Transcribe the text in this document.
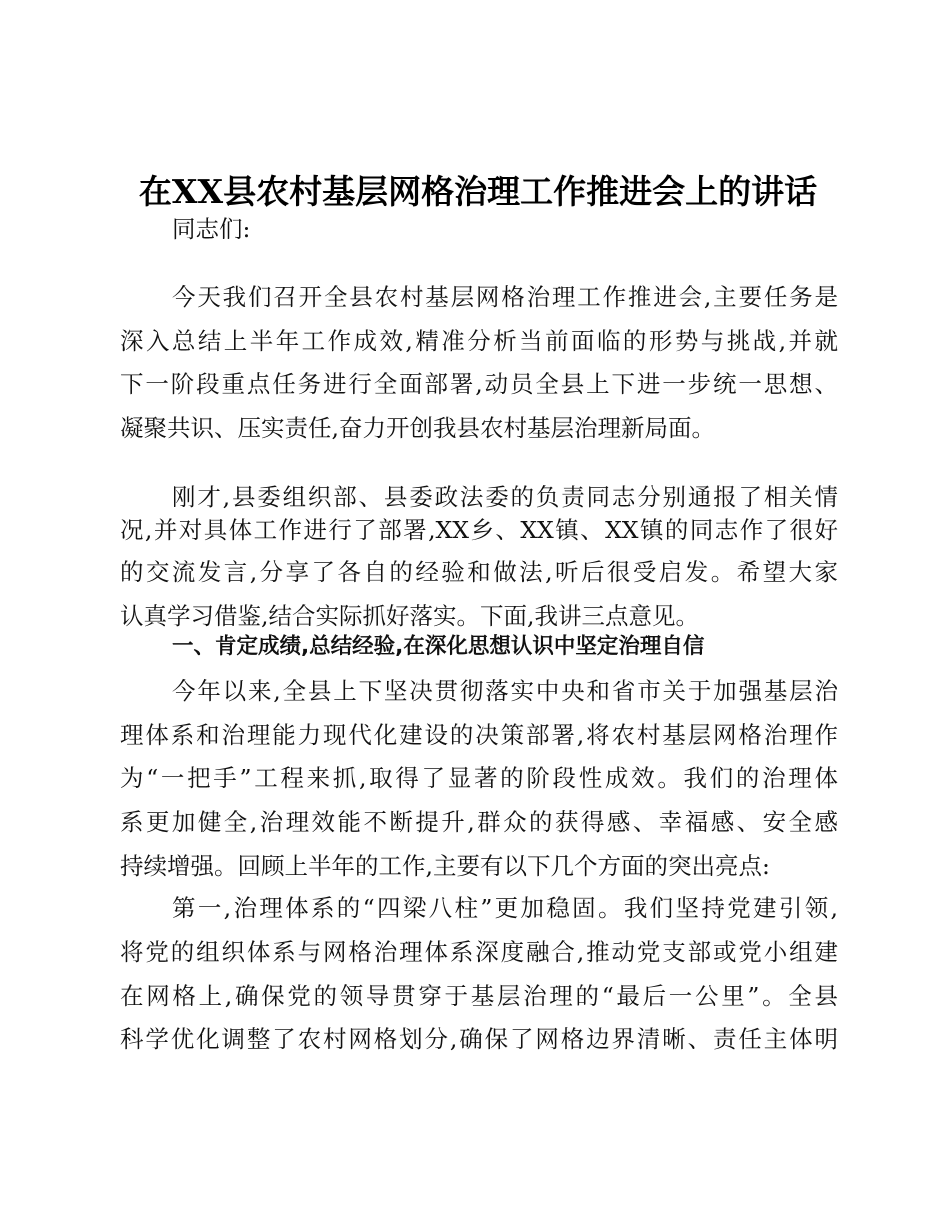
在XX县农村基层网格治理工作推进会上的讲话
同志们:
今天我们召开全县农村基层网格治理工作推进会,主要任务是
深入总结上半年工作成效,精准分析当前面临的形势与挑战,并就
下一阶段重点任务进行全面部署,动员全县上下进一步统一思想、
凝聚共识、压实责任,奋力开创我县农村基层治理新局面。
刚才,县委组织部、县委政法委的负责同志分别通报了相关情
况,并对具体工作进行了部署,XX乡、XX镇、XX镇的同志作了很好
的交流发言,分享了各自的经验和做法,听后很受启发。希望大家
认真学习借鉴,结合实际抓好落实。下面,我讲三点意见。
一、肯定成绩,总结经验,在深化思想认识中坚定治理自信
今年以来,全县上下坚决贯彻落实中央和省市关于加强基层治
理体系和治理能力现代化建设的决策部署,将农村基层网格治理作
为“一把手”工程来抓,取得了显著的阶段性成效。我们的治理体
系更加健全,治理效能不断提升,群众的获得感、幸福感、安全感
持续增强。回顾上半年的工作,主要有以下几个方面的突出亮点:
第一,治理体系的“四梁八柱”更加稳固。我们坚持党建引领,
将党的组织体系与网格治理体系深度融合,推动党支部或党小组建
在网格上,确保党的领导贯穿于基层治理的“最后一公里”。全县
科学优化调整了农村网格划分,确保了网格边界清晰、责任主体明
